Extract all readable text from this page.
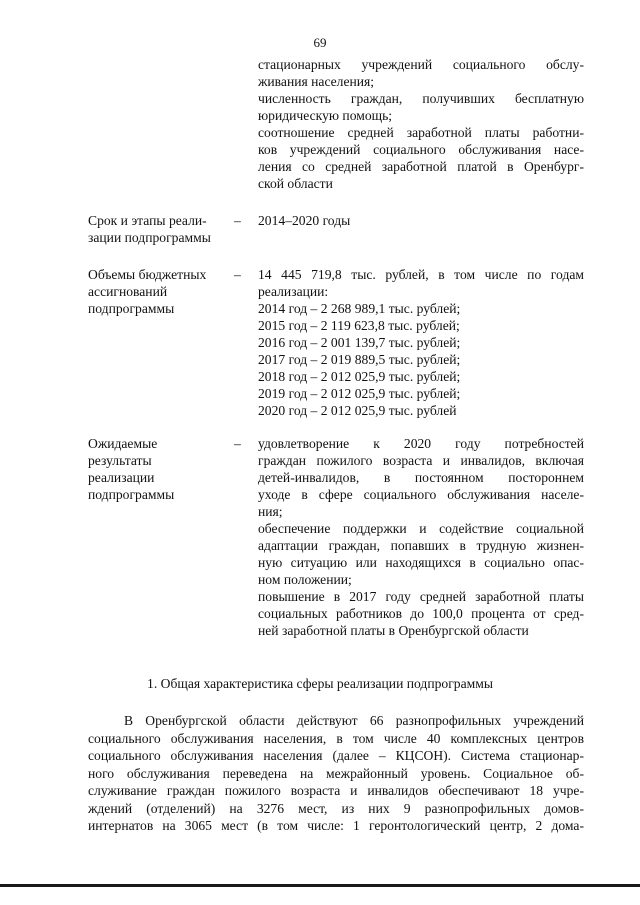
69
стационарных учреждений социального обслу-
живания населения;
численность граждан, получивших бесплатную
юридическую помощь;
соотношение средней заработной платы работни-
ков учреждений социального обслуживания насе-
ления со средней заработной платой в Оренбург-
ской области
Срок и этапы реали-
зации подпрограммы
– 2014–2020 годы
Объемы бюджетных
ассигнований
подпрограммы
– 14 445 719,8 тыс. рублей, в том числе по годам
реализации:
2014 год – 2 268 989,1 тыс. рублей;
2015 год – 2 119 623,8 тыс. рублей;
2016 год – 2 001 139,7 тыс. рублей;
2017 год – 2 019 889,5 тыс. рублей;
2018 год – 2 012 025,9 тыс. рублей;
2019 год – 2 012 025,9 тыс. рублей;
2020 год – 2 012 025,9 тыс. рублей
Ожидаемые
результаты
реализации
подпрограммы
– удовлетворение к 2020 году потребностей
граждан пожилого возраста и инвалидов, включая
детей-инвалидов, в постоянном постороннем
уходе в сфере социального обслуживания населе-
ния;
обеспечение поддержки и содействие социальной
адаптации граждан, попавших в трудную жизнен-
ную ситуацию или находящихся в социально опас-
ном положении;
повышение в 2017 году средней заработной платы
социальных работников до 100,0 процента от сред-
ней заработной платы в Оренбургской области
1. Общая характеристика сферы реализации подпрограммы
В Оренбургской области действуют 66 разнопрофильных учреждений
социального обслуживания населения, в том числе 40 комплексных центров
социального обслуживания населения (далее – КЦСОН). Система стационар-
ного обслуживания переведена на межрайонный уровень. Социальное об-
служивание граждан пожилого возраста и инвалидов обеспечивают 18 учре-
ждений (отделений) на 3276 мест, из них 9 разнопрофильных домов-
интернатов на 3065 мест (в том числе: 1 геронтологический центр, 2 дома-
